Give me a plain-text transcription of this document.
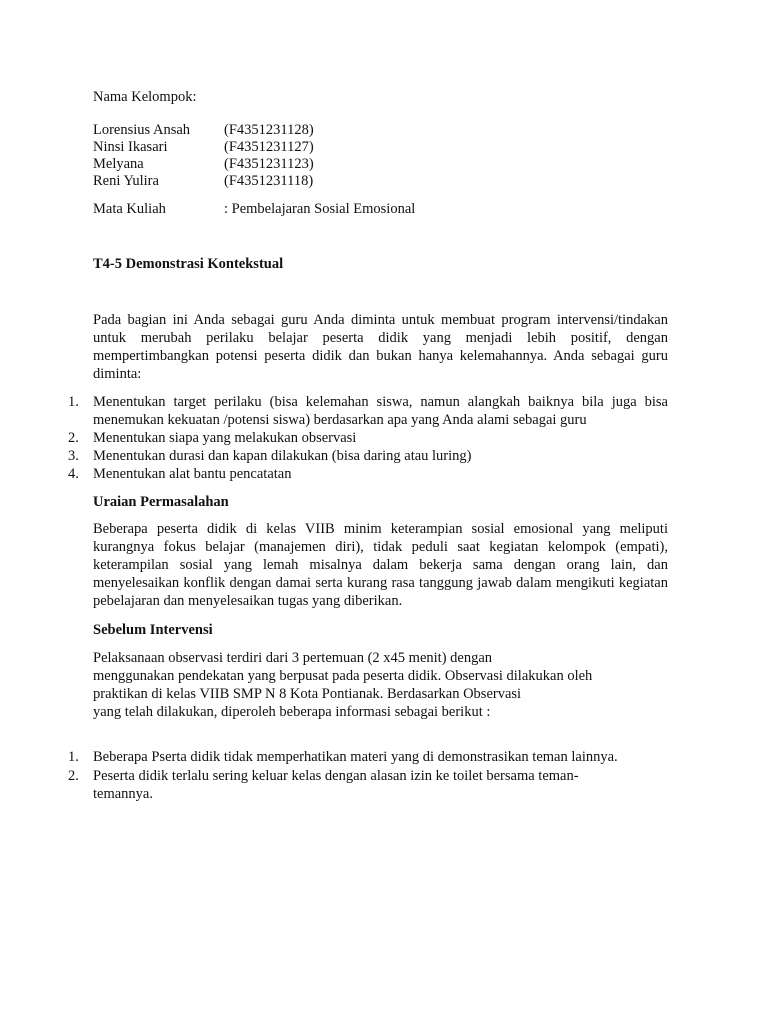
Nama Kelompok:
Lorensius Ansah (F4351231128)
Ninsi Ikasari	(F4351231127)
Melyana	(F4351231123)
Reni Yulira	(F4351231118)
Mata Kuliah	: Pembelajaran Sosial Emosional
T4-5 Demonstrasi Kontekstual
Pada bagian ini Anda sebagai guru Anda diminta untuk membuat program intervensi/tindakan untuk merubah perilaku belajar peserta didik yang menjadi lebih positif, dengan mempertimbangkan potensi peserta didik dan bukan hanya kelemahannya. Anda sebagai guru diminta:
1. Menentukan target perilaku (bisa kelemahan siswa, namun alangkah baiknya bila juga bisa menemukan kekuatan /potensi siswa) berdasarkan apa yang Anda alami sebagai guru
2. Menentukan siapa yang melakukan observasi
3. Menentukan durasi dan kapan dilakukan (bisa daring atau luring)
4. Menentukan alat bantu pencatatan
Uraian Permasalahan
Beberapa peserta didik di kelas VIIB minim keterampian sosial emosional yang meliputi kurangnya fokus belajar (manajemen diri), tidak peduli saat kegiatan kelompok (empati), keterampilan sosial yang lemah misalnya dalam bekerja sama dengan orang lain, dan menyelesaikan konflik dengan damai serta kurang rasa tanggung jawab dalam mengikuti kegiatan pebelajaran dan menyelesaikan tugas yang diberikan.
Sebelum Intervensi
Pelaksanaan observasi terdiri dari 3 pertemuan (2 x45 menit) dengan
menggunakan pendekatan yang berpusat pada peserta didik. Observasi dilakukan oleh
praktikan di kelas VIIB SMP N 8 Kota Pontianak. Berdasarkan Observasi
yang telah dilakukan, diperoleh beberapa informasi sebagai berikut :
1. Beberapa Pserta didik tidak memperhatikan materi yang di demonstrasikan teman lainnya.
2. Peserta didik terlalu sering keluar kelas dengan alasan izin ke toilet bersama teman-
temannya.
